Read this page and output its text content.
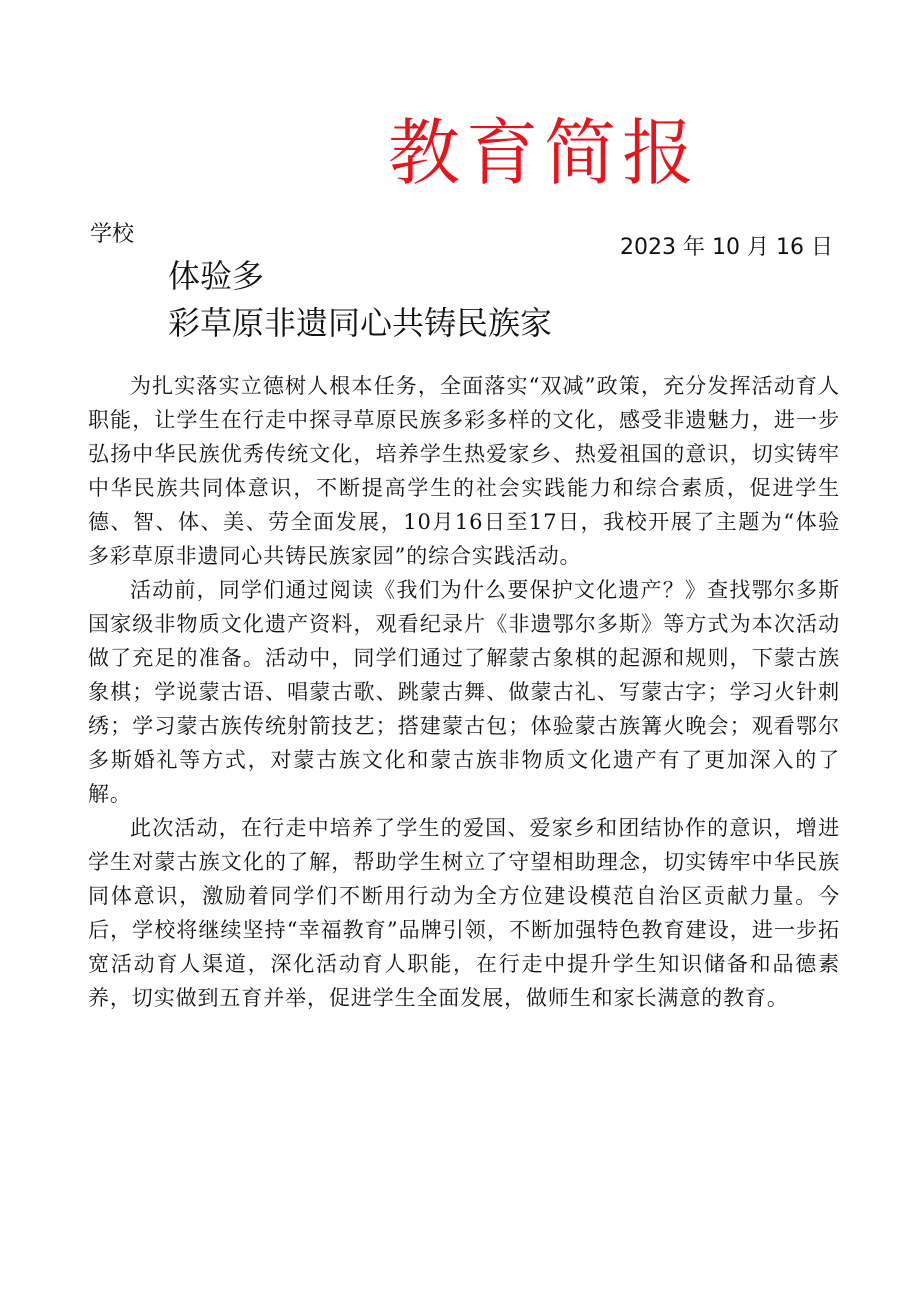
教育简报
学校
2023 年 10 月 16 日
体验多
彩草原非遗同心共铸民族家

为扎实落实立德树人根本任务，全面落实“双减”政策，充分发挥活动育人职能，让学生在行走中探寻草原民族多彩多样的文化，感受非遗魅力，进一步弘扬中华民族优秀传统文化，培养学生热爱家乡、热爱祖国的意识，切实铸牢中华民族共同体意识，不断提高学生的社会实践能力和综合素质，促进学生德、智、体、美、劳全面发展，10月16日至17日，我校开展了主题为“体验多彩草原非遗同心共铸民族家园”的综合实践活动。

活动前，同学们通过阅读《我们为什么要保护文化遗产？》查找鄂尔多斯国家级非物质文化遗产资料，观看纪录片《非遗鄂尔多斯》等方式为本次活动做了充足的准备。活动中，同学们通过了解蒙古象棋的起源和规则，下蒙古族象棋；学说蒙古语、唱蒙古歌、跳蒙古舞、做蒙古礼、写蒙古字；学习火针刺绣；学习蒙古族传统射箭技艺；搭建蒙古包；体验蒙古族篝火晚会；观看鄂尔多斯婚礼等方式，对蒙古族文化和蒙古族非物质文化遗产有了更加深入的了解。

此次活动，在行走中培养了学生的爱国、爱家乡和团结协作的意识，增进学生对蒙古族文化的了解，帮助学生树立了守望相助理念，切实铸牢中华民族同体意识，激励着同学们不断用行动为全方位建设模范自治区贡献力量。今后，学校将继续坚持“幸福教育”品牌引领，不断加强特色教育建设，进一步拓宽活动育人渠道，深化活动育人职能，在行走中提升学生知识储备和品德素养，切实做到五育并举，促进学生全面发展，做师生和家长满意的教育。
